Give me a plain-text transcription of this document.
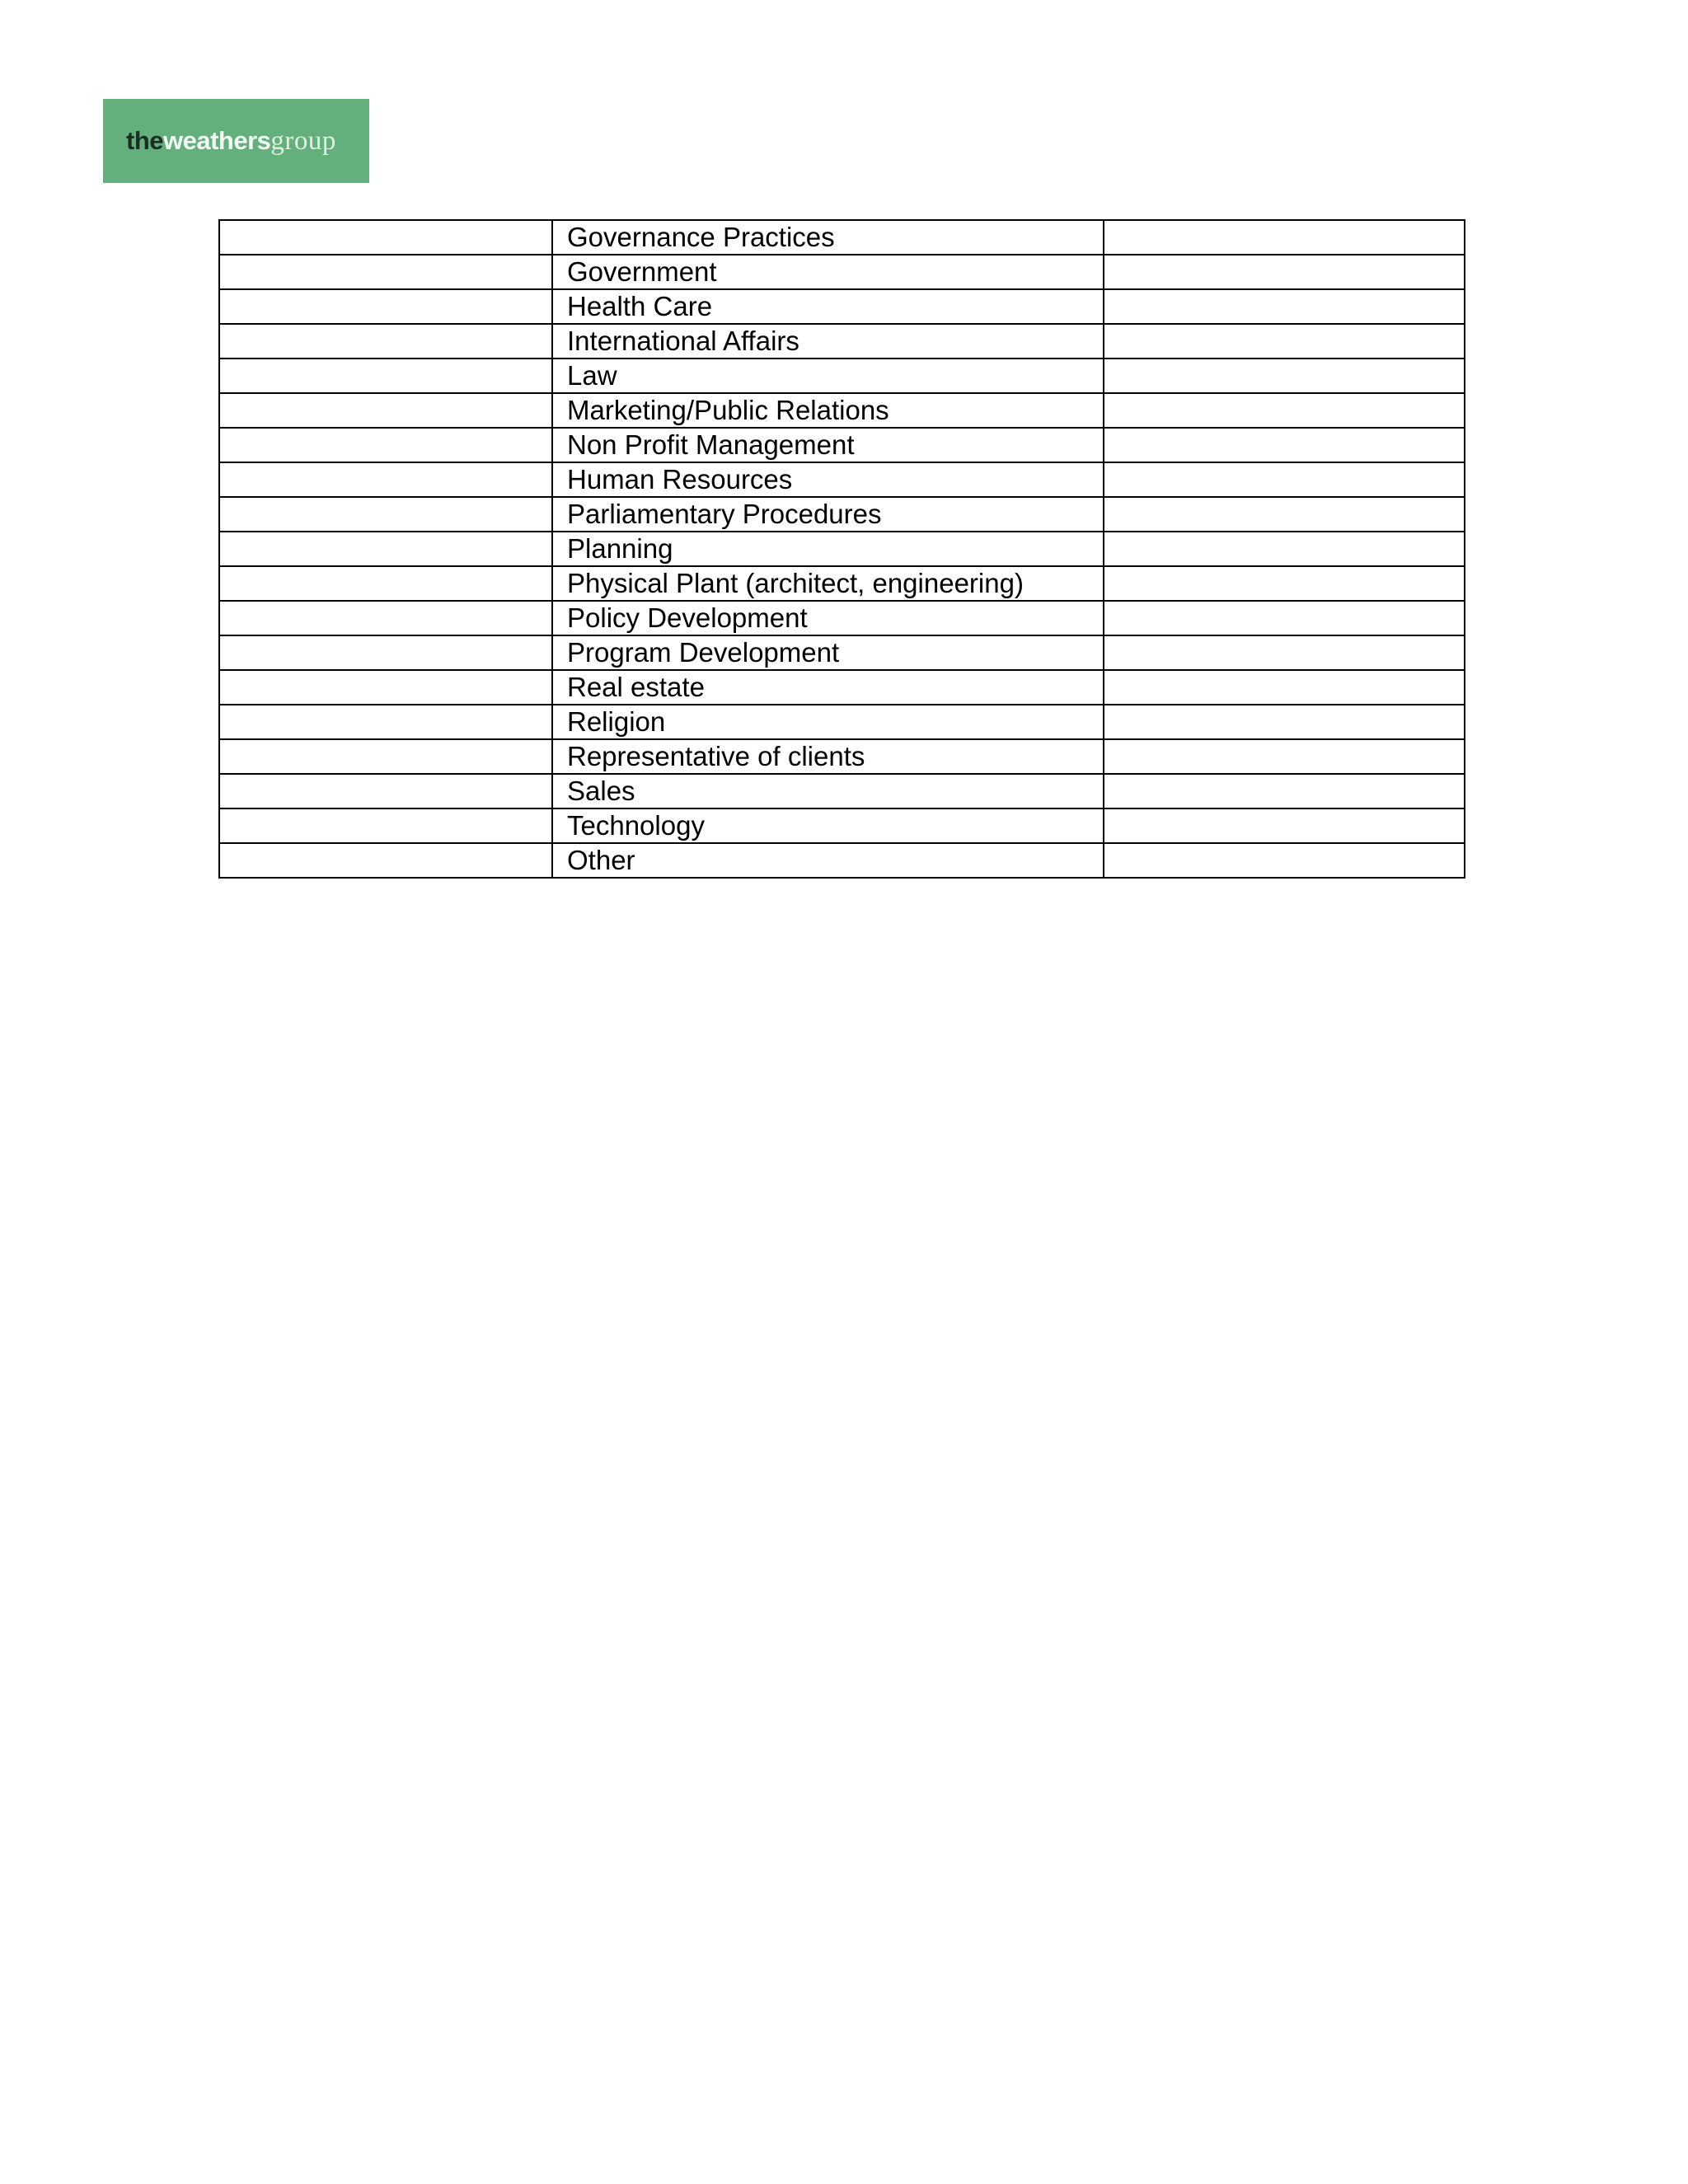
the weathers group
	Governance Practices	
	Government	
	Health Care	
	International Affairs	
	Law	
	Marketing/Public Relations	
	Non Profit Management	
	Human Resources	
	Parliamentary Procedures	
	Planning	
	Physical Plant (architect, engineering)	
	Policy Development	
	Program Development	
	Real estate	
	Religion	
	Representative of clients	
	Sales	
	Technology	
	Other	
